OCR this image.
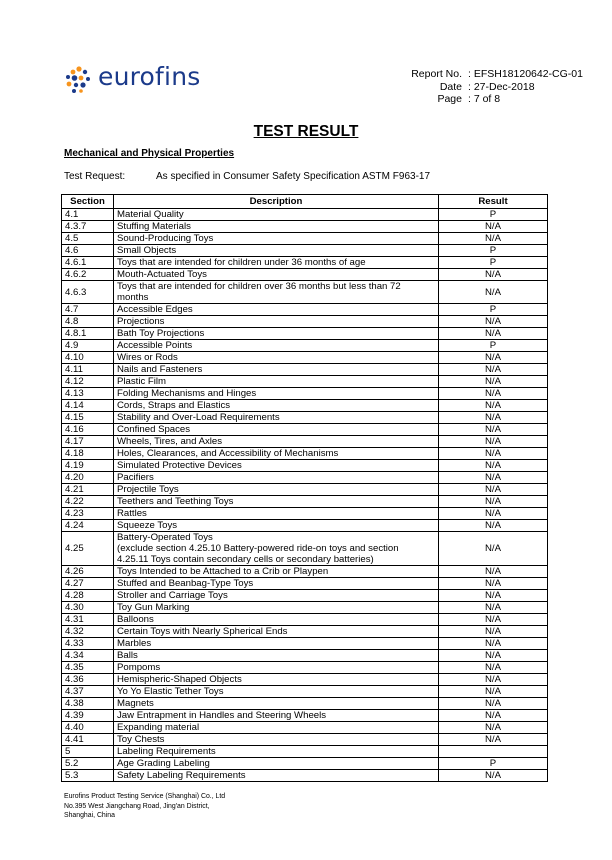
eurofins	Report No. : EFSH18120642-CG-01
Date : 27-Dec-2018
Page : 7 of 8
TEST RESULT
Mechanical and Physical Properties
Test Request:	As specified in Consumer Safety Specification ASTM F963-17
Section	Description	Result
4.1	Material Quality	P
4.3.7	Stuffing Materials	N/A
4.5	Sound-Producing Toys	N/A
4.6	Small Objects	P
4.6.1	Toys that are intended for children under 36 months of age	P
4.6.2	Mouth-Actuated Toys	N/A
4.6.3	Toys that are intended for children over 36 months but less than 72
months	N/A
4.7	Accessible Edges	P
4.8	Projections	N/A
4.8.1	Bath Toy Projections	N/A
4.9	Accessible Points	P
4.10	Wires or Rods	N/A
4.11	Nails and Fasteners	N/A
4.12	Plastic Film	N/A
4.13	Folding Mechanisms and Hinges	N/A
4.14	Cords, Straps and Elastics	N/A
4.15	Stability and Over-Load Requirements	N/A
4.16	Confined Spaces	N/A
4.17	Wheels, Tires, and Axles	N/A
4.18	Holes, Clearances, and Accessibility of Mechanisms	N/A
4.19	Simulated Protective Devices	N/A
4.20	Pacifiers	N/A
4.21	Projectile Toys	N/A
4.22	Teethers and Teething Toys	N/A
4.23	Rattles	N/A
4.24	Squeeze Toys	N/A
4.25	Battery-Operated Toys
(exclude section 4.25.10 Battery-powered ride-on toys and section
4.25.11 Toys contain secondary cells or secondary batteries)	N/A
4.26	Toys Intended to be Attached to a Crib or Playpen	N/A
4.27	Stuffed and Beanbag-Type Toys	N/A
4.28	Stroller and Carriage Toys	N/A
4.30	Toy Gun Marking	N/A
4.31	Balloons	N/A
4.32	Certain Toys with Nearly Spherical Ends	N/A
4.33	Marbles	N/A
4.34	Balls	N/A
4.35	Pompoms	N/A
4.36	Hemispheric-Shaped Objects	N/A
4.37	Yo Yo Elastic Tether Toys	N/A
4.38	Magnets	N/A
4.39	Jaw Entrapment in Handles and Steering Wheels	N/A
4.40	Expanding material	N/A
4.41	Toy Chests	N/A
5	Labeling Requirements	

5.2	Age Grading Labeling	P
5.3	Safety Labeling Requirements	N/A
Eurofins Product Testing Service (Shanghai) Co., Ltd
No.395 West Jiangchang Road, Jing'an District,
Shanghai, China
